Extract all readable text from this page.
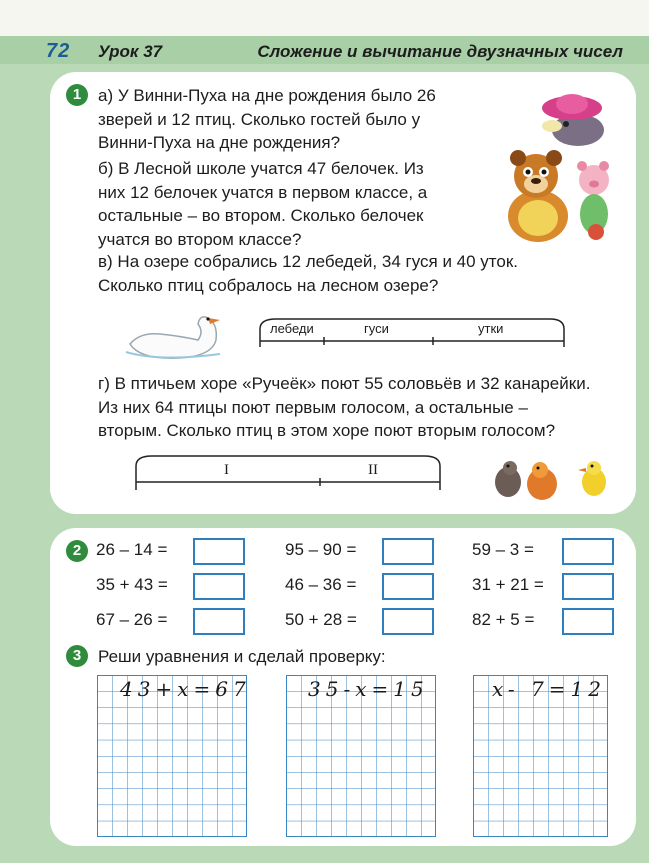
72 Урок 37	Сложение и вычитание двузначных чисел
1 а) У Винни-Пуха на дне рождения было 26
зверей и 12 птиц. Сколько гостей было у
Винни-Пуха на дне рождения?
б) В Лесной школе учатся 47 белочек. Из
них 12 белочек учатся в первом классе, а
остальные – во втором. Сколько белочек
учатся во втором классе?
в) На озере собрались 12 лебедей, 34 гуся и 40 уток.
Сколько птиц собралось на лесном озере?
г) В птичьем хоре «Ручеёк» поют 55 соловьёв и 32 канарейки.
Из них 64 птицы поют первым голосом, а остальные –
вторым. Сколько птиц в этом хоре поют вторым голосом?
лебеди	гуси	утки
I	II
2 26 – 14 =	95 – 90 =	59 – 3 =
35 + 43 =	46 – 36 =	31 + 21 =
67 – 26 =	50 + 28 =	82 + 5 =
3 Реши уравнения и сделай проверку:
43+x=67	35-x=15	x- 7=12
